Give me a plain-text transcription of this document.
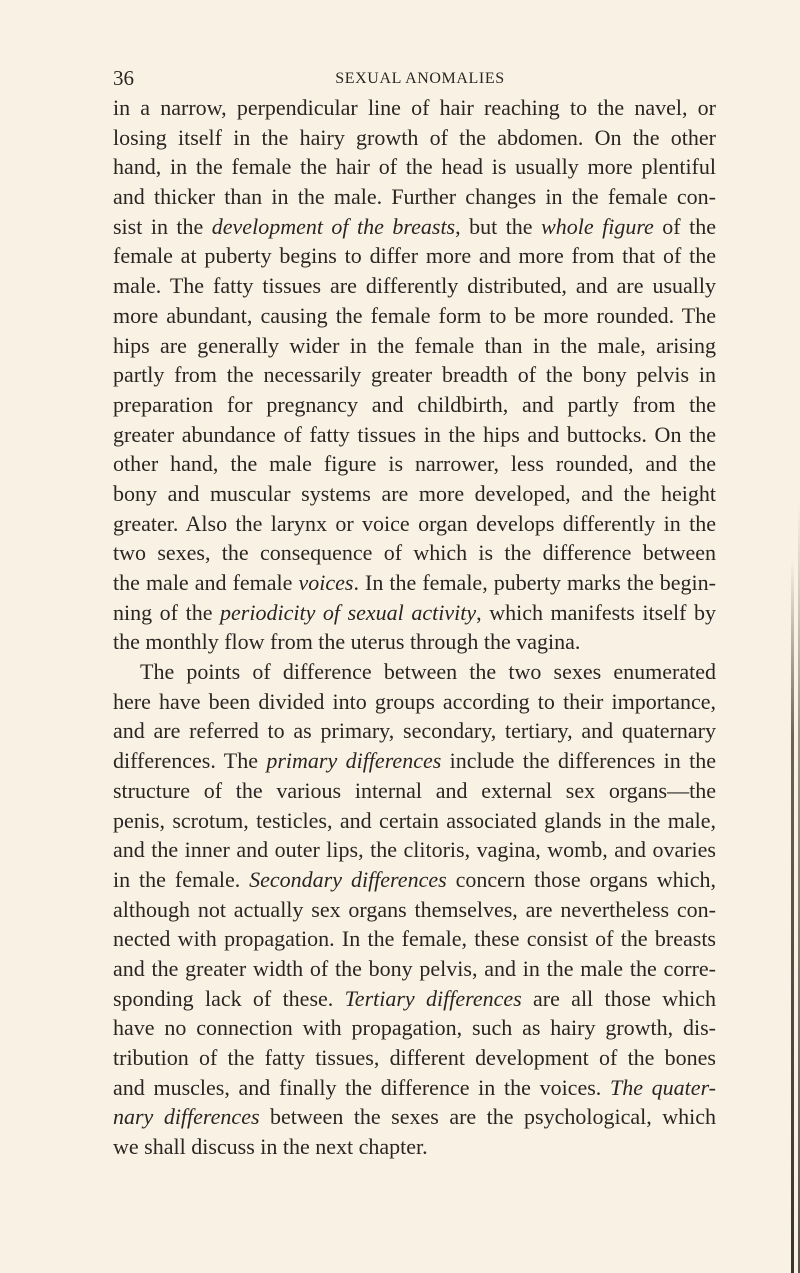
36	SEXUAL ANOMALIES
in a narrow, perpendicular line of hair reaching to the navel, or
losing itself in the hairy growth of the abdomen. On the other
hand, in the female the hair of the head is usually more plentiful
and thicker than in the male. Further changes in the female con-
sist in the development of the breasts, but the whole figure of the
female at puberty begins to differ more and more from that of the
male. The fatty tissues are differently distributed, and are usually
more abundant, causing the female form to be more rounded. The
hips are generally wider in the female than in the male, arising
partly from the necessarily greater breadth of the bony pelvis in
preparation for pregnancy and childbirth, and partly from the
greater abundance of fatty tissues in the hips and buttocks. On the
other hand, the male figure is narrower, less rounded, and the
bony and muscular systems are more developed, and the height
greater. Also the larynx or voice organ develops differently in the
two sexes, the consequence of which is the difference between
the male and female voices. In the female, puberty marks the begin-
ning of the periodicity of sexual activity, which manifests itself by
the monthly flow from the uterus through the vagina.
The points of difference between the two sexes enumerated
here have been divided into groups according to their importance,
and are referred to as primary, secondary, tertiary, and quaternary
differences. The primary differences include the differences in the
structure of the various internal and external sex organs—the
penis, scrotum, testicles, and certain associated glands in the male,
and the inner and outer lips, the clitoris, vagina, womb, and ovaries
in the female. Secondary differences concern those organs which,
although not actually sex organs themselves, are nevertheless con-
nected with propagation. In the female, these consist of the breasts
and the greater width of the bony pelvis, and in the male the corre-
sponding lack of these. Tertiary differences are all those which
have no connection with propagation, such as hairy growth, dis-
tribution of the fatty tissues, different development of the bones
and muscles, and finally the difference in the voices. The quater-
nary differences between the sexes are the psychological, which
we shall discuss in the next chapter.
